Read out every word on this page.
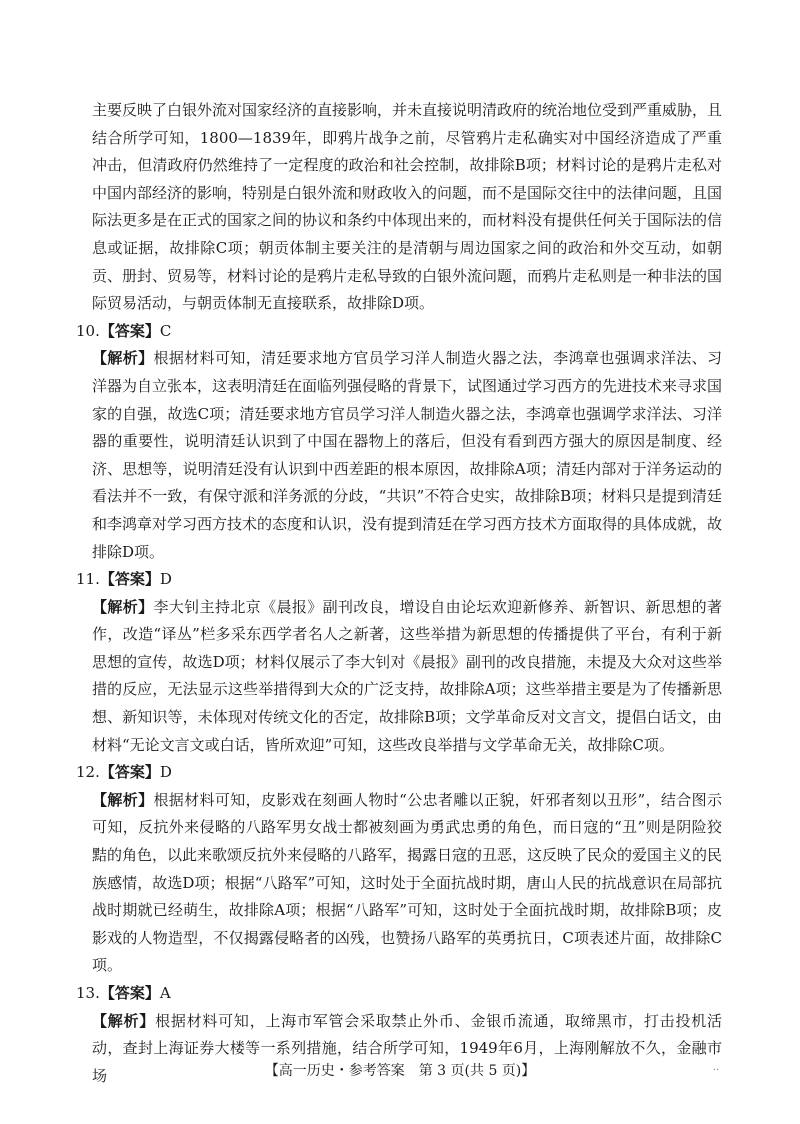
主要反映了白银外流对国家经济的直接影响，并未直接说明清政府的统治地位受到严重威胁，且结合所学可知，1800—1839年，即鸦片战争之前，尽管鸦片走私确实对中国经济造成了严重冲击，但清政府仍然维持了一定程度的政治和社会控制，故排除B项；材料讨论的是鸦片走私对中国内部经济的影响，特别是白银外流和财政收入的问题，而不是国际交往中的法律问题，且国际法更多是在正式的国家之间的协议和条约中体现出来的，而材料没有提供任何关于国际法的信息或证据，故排除C项；朝贡体制主要关注的是清朝与周边国家之间的政治和外交互动，如朝贡、册封、贸易等，材料讨论的是鸦片走私导致的白银外流问题，而鸦片走私则是一种非法的国际贸易活动，与朝贡体制无直接联系，故排除D项。

10.【答案】C

【解析】根据材料可知，清廷要求地方官员学习洋人制造火器之法，李鸿章也强调求洋法、习洋器为自立张本，这表明清廷在面临列强侵略的背景下，试图通过学习西方的先进技术来寻求国家的自强，故选C项；清廷要求地方官员学习洋人制造火器之法，李鸿章也强调学求洋法、习洋器的重要性，说明清廷认识到了中国在器物上的落后，但没有看到西方强大的原因是制度、经济、思想等，说明清廷没有认识到中西差距的根本原因，故排除A项；清廷内部对于洋务运动的看法并不一致，有保守派和洋务派的分歧，“共识”不符合史实，故排除B项；材料只是提到清廷和李鸿章对学习西方技术的态度和认识，没有提到清廷在学习西方技术方面取得的具体成就，故排除D项。

11.【答案】D

【解析】李大钊主持北京《晨报》副刊改良，增设自由论坛欢迎新修养、新智识、新思想的著作，改造“译丛”栏多采东西学者名人之新著，这些举措为新思想的传播提供了平台，有利于新思想的宣传，故选D项；材料仅展示了李大钊对《晨报》副刊的改良措施，未提及大众对这些举措的反应，无法显示这些举措得到大众的广泛支持，故排除A项；这些举措主要是为了传播新思想、新知识等，未体现对传统文化的否定，故排除B项；文学革命反对文言文，提倡白话文，由材料“无论文言文或白话，皆所欢迎”可知，这些改良举措与文学革命无关，故排除C项。

12.【答案】D

【解析】根据材料可知，皮影戏在刻画人物时“公忠者雕以正貌，奸邪者刻以丑形”，结合图示可知，反抗外来侵略的八路军男女战士都被刻画为勇武忠勇的角色，而日寇的“丑”则是阴险狡黠的角色，以此来歌颂反抗外来侵略的八路军，揭露日寇的丑恶，这反映了民众的爱国主义的民族感情，故选D项；根据“八路军”可知，这时处于全面抗战时期，唐山人民的抗战意识在局部抗战时期就已经萌生，故排除A项；根据“八路军”可知，这时处于全面抗战时期，故排除B项；皮影戏的人物造型，不仅揭露侵略者的凶残，也赞扬八路军的英勇抗日，C项表述片面，故排除C项。

13.【答案】A

【解析】根据材料可知，上海市军管会采取禁止外币、金银币流通，取缔黑市，打击投机活动，查封上海证券大楼等一系列措施，结合所学可知，1949年6月，上海刚解放不久，金融市场	【高一历史・参考答案　第 3 页(共 5 页)】	..
